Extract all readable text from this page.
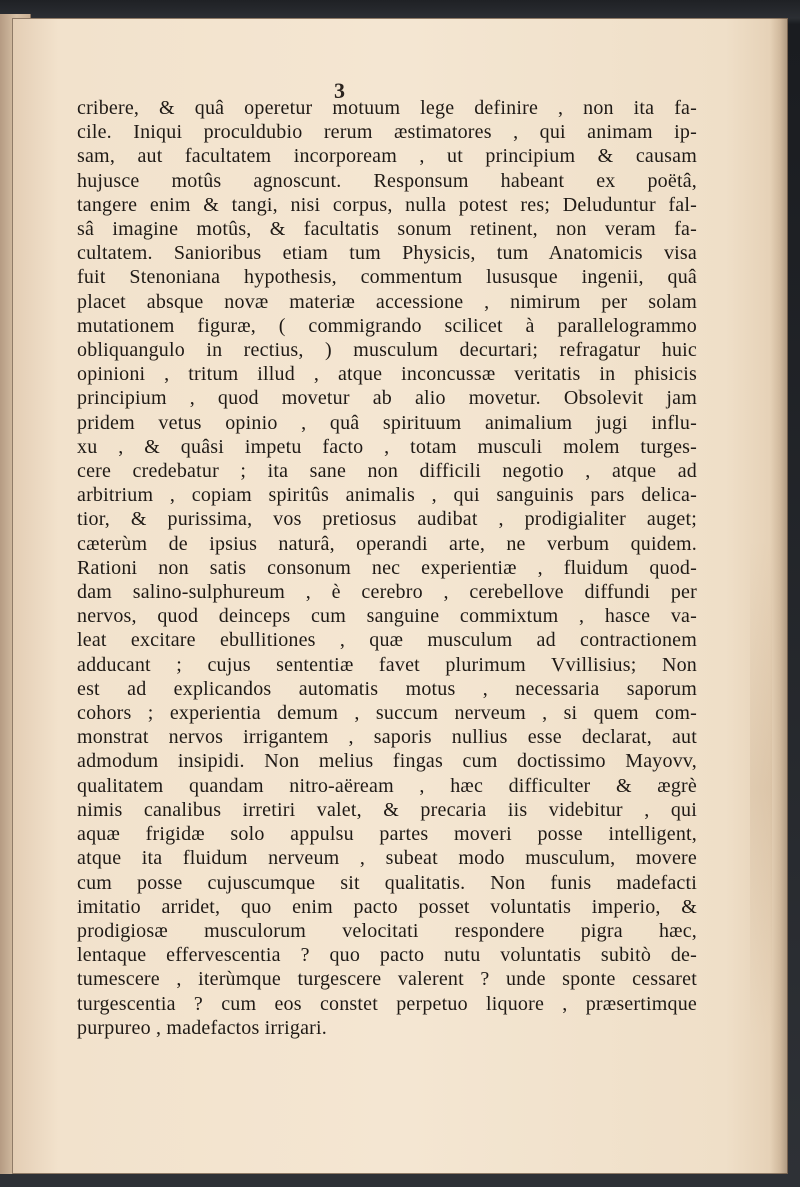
3
cribere, & quâ operetur motuum lege definire , non ita fa-
cile. Iniqui proculdubio rerum æstimatores , qui animam ip-
sam, aut facultatem incorpoream , ut principium & causam
hujusce motûs agnoscunt. Responsum habeant ex poëtâ,
tangere enim & tangi, nisi corpus, nulla potest res; Deluduntur fal-
sâ imagine motûs, & facultatis sonum retinent, non veram fa-
cultatem. Sanioribus etiam tum Physicis, tum Anatomicis visa
fuit Stenoniana hypothesis, commentum lususque ingenii, quâ
placet absque novæ materiæ accessione , nimirum per solam
mutationem figuræ, ( commigrando scilicet à parallelogrammo
obliquangulo in rectius, ) musculum decurtari; refragatur huic
opinioni , tritum illud , atque inconcussæ veritatis in phisicis
principium , quod movetur ab alio movetur. Obsolevit jam
pridem vetus opinio , quâ spirituum animalium jugi influ-
xu , & quâsi impetu facto , totam musculi molem turges-
cere credebatur ; ita sane non difficili negotio , atque ad
arbitrium , copiam spiritûs animalis , qui sanguinis pars delica-
tior, & purissima, vos pretiosus audibat , prodigialiter auget;
cæterùm de ipsius naturâ, operandi arte, ne verbum quidem.
Rationi non satis consonum nec experientiæ , fluidum quod-
dam salino-sulphureum , è cerebro , cerebellove diffundi per
nervos, quod deinceps cum sanguine commixtum , hasce va-
leat excitare ebullitiones , quæ musculum ad contractionem
adducant ; cujus sententiæ favet plurimum Vvillisius; Non
est ad explicandos automatis motus , necessaria saporum
cohors ; experientia demum , succum nerveum , si quem com-
monstrat nervos irrigantem , saporis nullius esse declarat, aut
admodum insipidi. Non melius fingas cum doctissimo Mayovv,
qualitatem quandam nitro-aëream , hæc difficulter & ægrè
nimis canalibus irretiri valet, & precaria iis videbitur , qui
aquæ frigidæ solo appulsu partes moveri posse intelligent,
atque ita fluidum nerveum , subeat modo musculum, movere
cum posse cujuscumque sit qualitatis. Non funis madefacti
imitatio arridet, quo enim pacto posset voluntatis imperio, &
prodigiosæ musculorum velocitati respondere pigra hæc,
lentaque effervescentia ? quo pacto nutu voluntatis subitò de-
tumescere , iterùmque turgescere valerent ? unde sponte cessaret
turgescentia ? cum eos constet perpetuo liquore , præsertimque
purpureo , madefactos irrigari.
